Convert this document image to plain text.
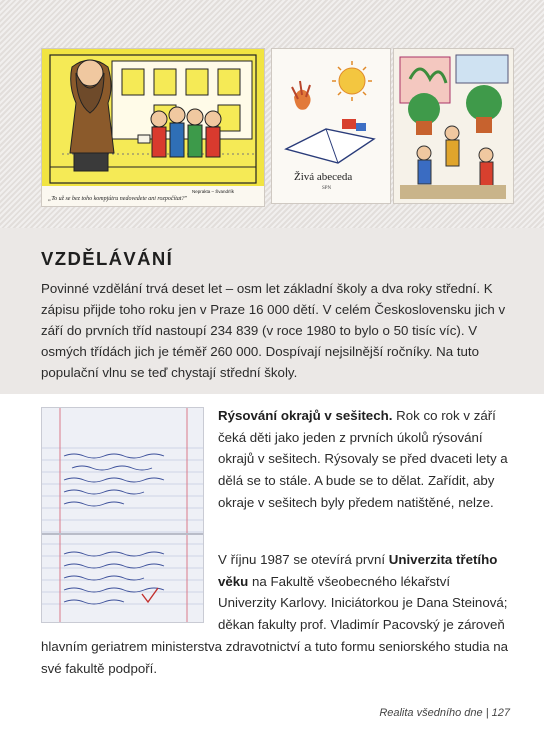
Neprakta – Švandrlík
„To už se bez toho kompjútru nedovedete ani rozpočítat?"
Živá abeceda
SPN
VZDĚLÁVÁNÍ
Povinné vzdělání trvá deset let – osm let základní školy a dva roky střední. K zápisu přijde toho roku jen v Praze 16 000 dětí. V celém Československu jich v září do prvních tříd nastoupí 234 839 (v roce 1980 to bylo o 50 tisíc víc). V osmých třídách jich je téměř 260 000. Dospívají nejsilnější ročníky. Na tuto populační vlnu se teď chystají střední školy.
Rýsování okrajů v sešitech. Rok co rok v září čeká děti jako jeden z prvních úkolů rýsování okrajů v sešitech. Rýsovaly se před dvaceti lety a dělá se to stále. A bude se to dělat. Zařídit, aby okraje v sešitech byly předem natištěné, nelze.
V říjnu 1987 se otevírá první Univerzita třetího věku na Fakultě všeobecného lékařství Univerzity Karlovy. Iniciátorkou je Dana Steinová; děkan fakulty prof. Vladimír Pacovský je zároveň
hlavním geriatrem ministerstva zdravotnictví a tuto formu seniorského studia na své fakultě podpoří.
Realita všedního dne | 127
